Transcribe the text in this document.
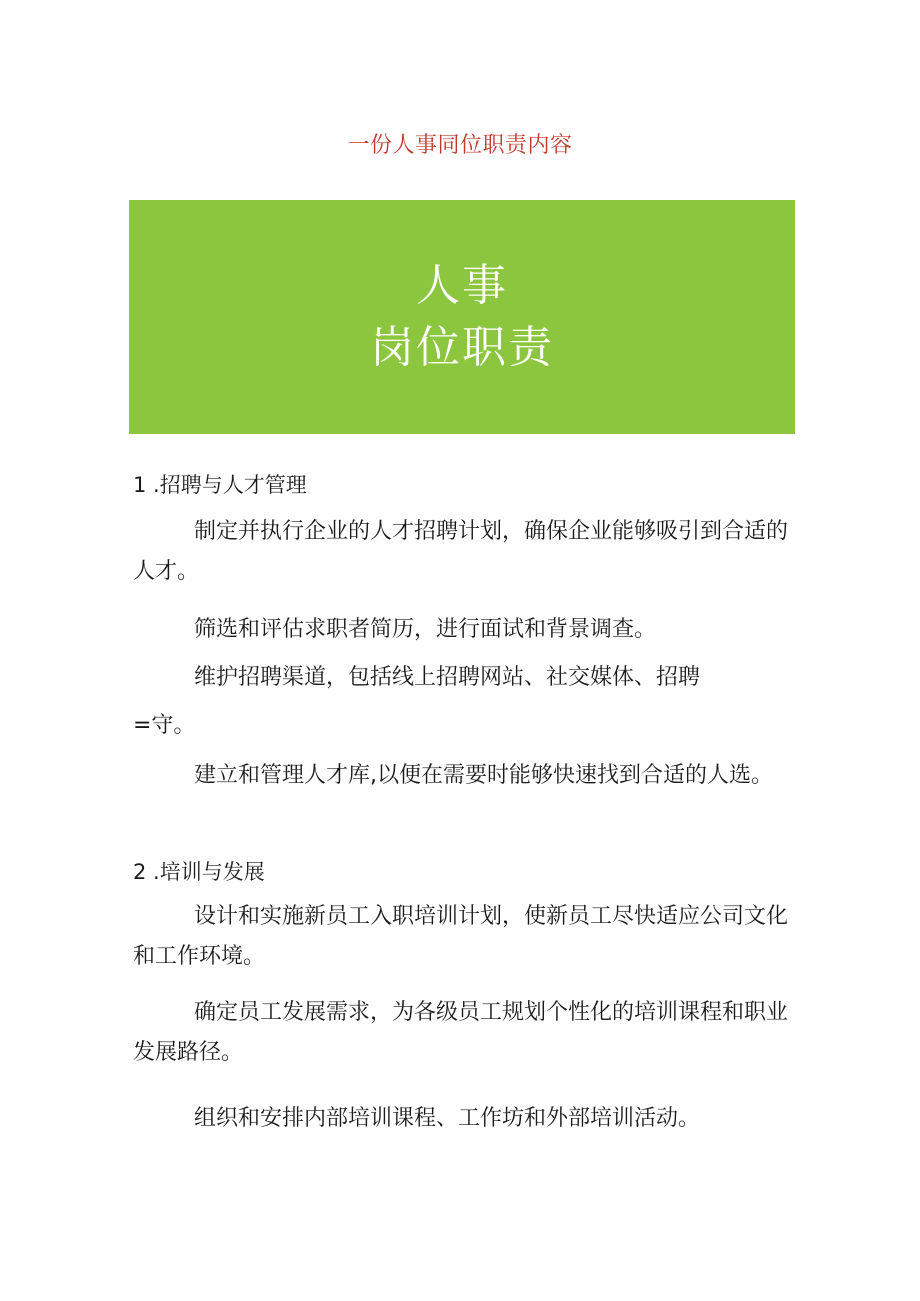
一份人事同位职责内容
人事
岗位职责
1 .招聘与人才管理
制定并执行企业的人才招聘计划，确保企业能够吸引到合适的人才。
筛选和评估求职者简历，进行面试和背景调查。
维护招聘渠道，包括线上招聘网站、社交媒体、招聘
=守。
建立和管理人才库,以便在需要时能够快速找到合适的人选。
2 .培训与发展
设计和实施新员工入职培训计划，使新员工尽快适应公司文化和工作环境。
确定员工发展需求，为各级员工规划个性化的培训课程和职业发展路径。
组织和安排内部培训课程、工作坊和外部培训活动。
